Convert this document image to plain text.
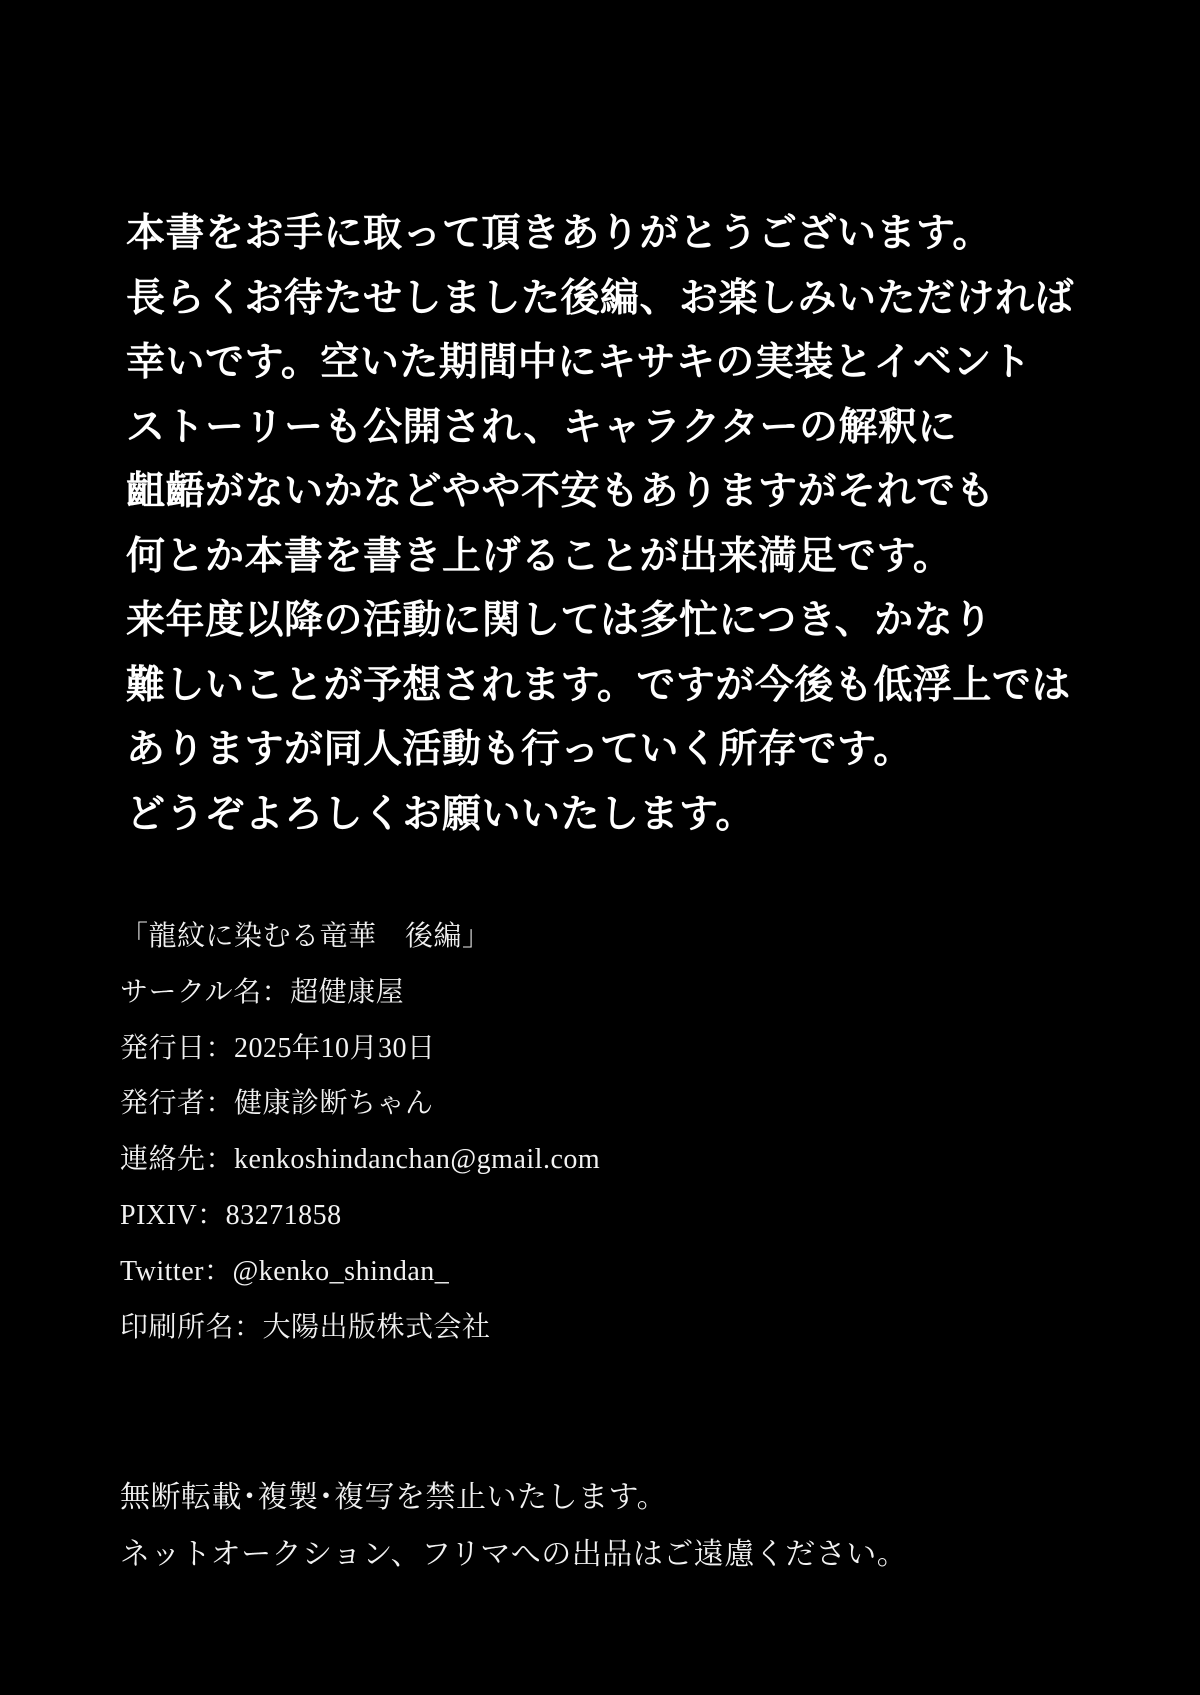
本書をお手に取って頂きありがとうございます。

長らくお待たせしました後編、お楽しみいただければ

幸いです。空いた期間中にキサキの実装とイベント

ストーリーも公開され、キャラクターの解釈に

齟齬がないかなどやや不安もありますがそれでも

何とか本書を書き上げることが出来満足です。

来年度以降の活動に関しては多忙につき、かなり

難しいことが予想されます。ですが今後も低浮上では

ありますが同人活動も行っていく所存です。

どうぞよろしくお願いいたします。

「龍紋に染むる竜華　後編」

サークル名：超健康屋

発行日：2025年10月30日

発行者：健康診断ちゃん

連絡先：kenkoshindanchan@gmail.com

PIXIV：83271858

Twitter：@kenko_shindan_

印刷所名：大陽出版株式会社

無断転載･複製･複写を禁止いたします。

ネットオークション、フリマへの出品はご遠慮ください。
